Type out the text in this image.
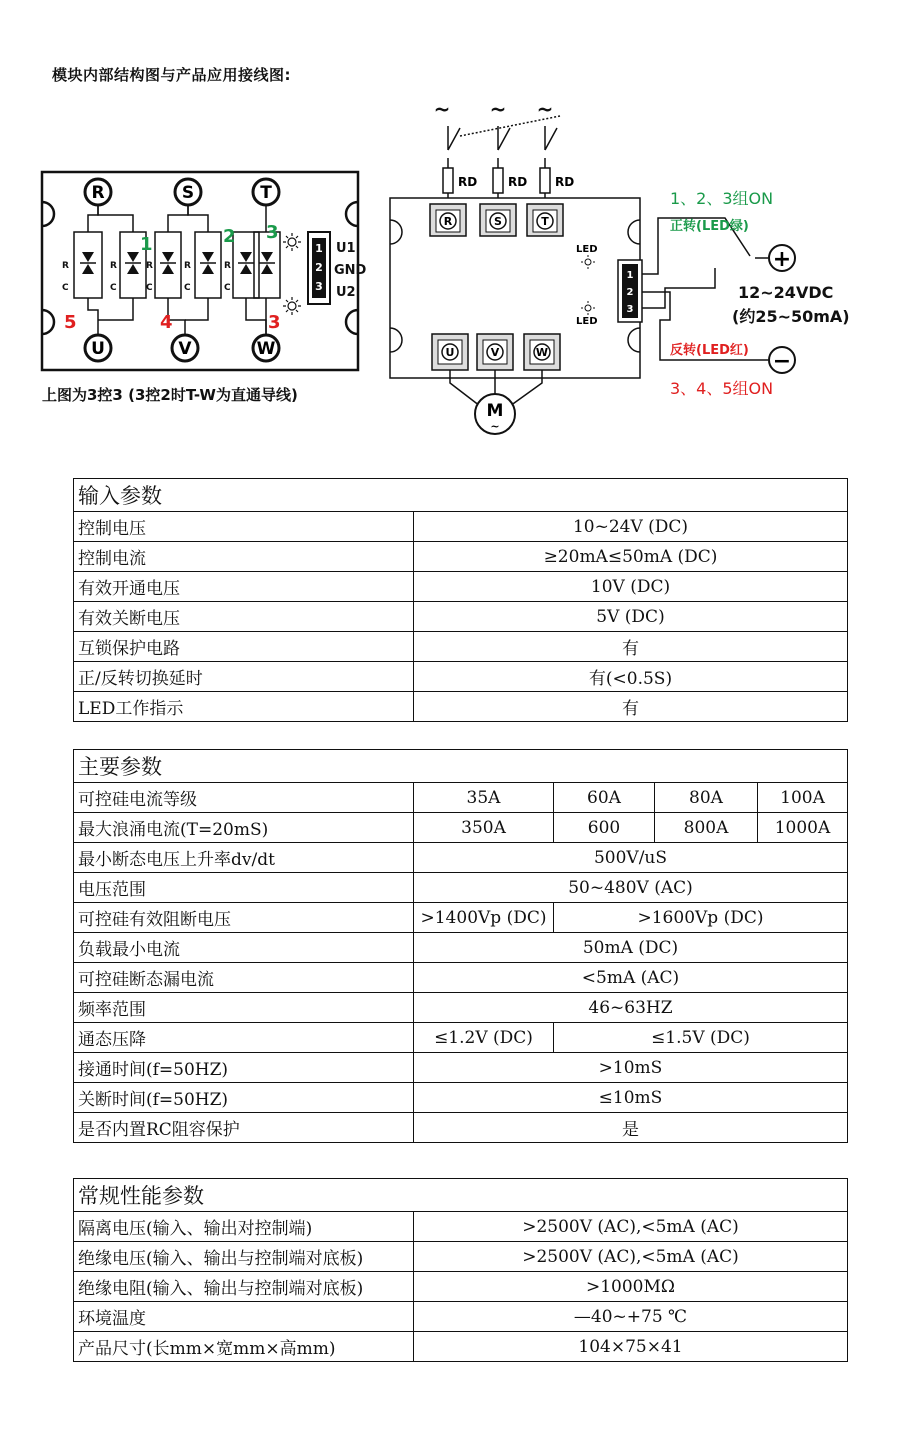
模块内部结构图与产品应用接线图:
R	S	T
U	V	W
R
C
R
C
R
C
R
C
R
C
1	2 3
4
5	3
1
2
3
U1
GND
U2
上图为3控3 (3控2时T-W为直通导线)
~ ~ ~
RD	RD RD
R	S	T
U	V	W
LED
LED
1
2
3
+
−
1、2、3组ON
正转(LED绿)
12~24VDC
(约25~50mA)
反转(LED红)
3、4、5组ON
M
~
输入参数	
控制电压	10~24V (DC)
控制电流	≥20mA≤50mA (DC)
有效开通电压	10V (DC)
有效关断电压	5V (DC)
互锁保护电路	有
正/反转切换延时	有(<0.5S)
LED工作指示	有
主要参数				
可控硅电流等级	35A	60A	80A	100A
最大浪涌电流(T=20mS)	350A	600	800A	1000A
最小断态电压上升率dv/dt	500V/uS			
电压范围	50~480V (AC)			
可控硅有效阻断电压	>1400Vp (DC)	>1600Vp (DC)		
负载最小电流	50mA (DC)			
可控硅断态漏电流	<5mA (AC)			
频率范围	46~63HZ			
通态压降	≤1.2V (DC)	≤1.5V (DC)		
接通时间(f=50HZ)	>10mS			
关断时间(f=50HZ)	≤10mS			
是否内置RC阻容保护	是			
常规性能参数	
隔离电压(输入、输出对控制端)	>2500V (AC),<5mA (AC)
绝缘电压(输入、输出与控制端对底板)	>2500V (AC),<5mA (AC)
绝缘电阻(输入、输出与控制端对底板)	>1000MΩ
环境温度	—40~+75 ℃
产品尺寸(长mm×宽mm×高mm)	104×75×41
